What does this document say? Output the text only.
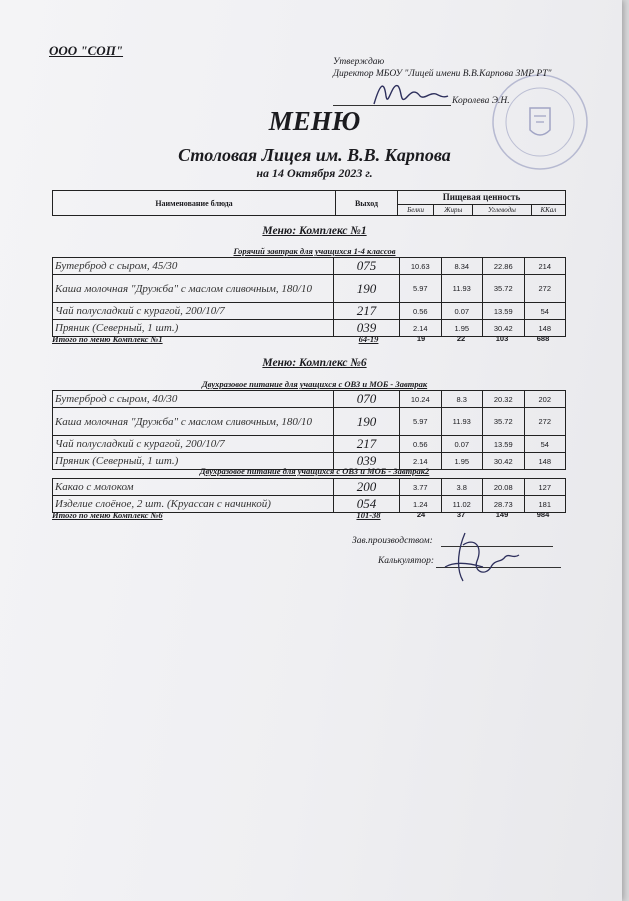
ООО "СОП"
Утверждаю
Директор МБОУ "Лицей имени В.В.Карпова ЗМР РТ"
Королева Э.Н.
МЕНЮ
Столовая Лицея им. В.В. Карпова
на 14 Октября 2023 г.
Наименование блюда	Выход	Пищевая ценность			
		Белки	Жиры	Углеводы	ККал
Меню: Комплекс №1
Горячий завтрак для учащихся 1-4 классов
Бутерброд с сыром, 45/30	075	10.63	8.34	22.86	214
Каша молочная "Дружба" с маслом сливочным, 180/10	190	5.97	11.93	35.72	272
Чай полусладкий с курагой, 200/10/7	217	0.56	0.07	13.59	54
Пряник (Северный, 1 шт.)	039	2.14	1.95	30.42	148
Итого по меню Комплекс №1	64-19	19	22	103	688
Меню: Комплекс №6
Двухразовое питание для учащихся с ОВЗ и МОБ - Завтрак
Бутерброд с сыром, 40/30	070	10.24	8.3	20.32	202
Каша молочная "Дружба" с маслом сливочным, 180/10	190	5.97	11.93	35.72	272
Чай полусладкий с курагой, 200/10/7	217	0.56	0.07	13.59	54
Пряник (Северный, 1 шт.)	039	2.14	1.95	30.42	148
Двухразовое питание для учащихся с ОВЗ и МОБ - Завтрак2
Какао с молоком	200	3.77	3.8	20.08	127
Изделие слоёное, 2 шт. (Круассан с начинкой)	054	1.24	11.02	28.73	181
Итого по меню Комплекс №6	101-38	24	37	149	984
Зав.производством:
Калькулятор:
